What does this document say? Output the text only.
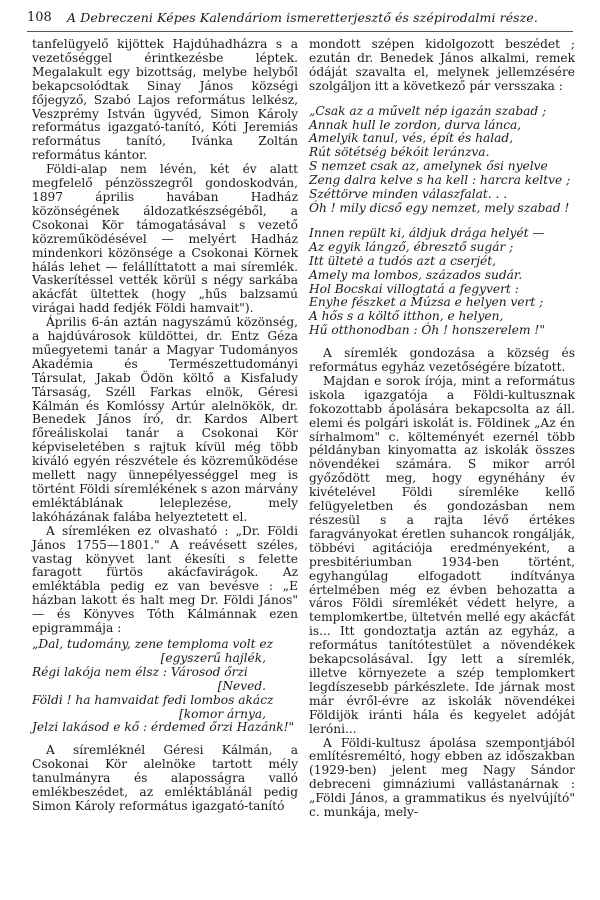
108 A Debreczeni Képes Kalendáriom ismeretterjesztő és szépirodalmi része.

tanfelügyelő kijöttek Hajdúhadházra s a vezetőséggel érintkezésbe léptek. Megalakult egy bizottság, melybe helyből bekapcsolódtak Sinay János községi főjegyző, Szabó Lajos református lelkész, Veszprémy István ügyvéd, Simon Károly református igazgató-tanító, Kóti Jeremiás református tanító, Ivánka Zoltán református kántor.

Földi-alap nem lévén, két év alatt megfelelő pénzösszegről gondoskodván, 1897 április havában Hadház közönségének áldozatkészségéből, a Csokonai Kör támogatásával s vezető közreműködésével — melyért Hadház mindenkori közönsége a Csokonai Körnek hálás lehet — felállíttatott a mai síremlék. Vaskerítéssel vették körül s négy sarkába akácfát ültettek (hogy „hűs balzsamú virágai hadd fedjék Földi hamvait").

Április 6-án aztán nagyszámú közönség, a hajdúvárosok küldöttei, dr. Entz Géza műegyetemi tanár a Magyar Tudományos Akadémia és Természettudományi Társulat, Jakab Ödön költő a Kisfaludy Társaság, Széll Farkas elnök, Géresi Kálmán és Komlóssy Artúr alelnökök, dr. Benedek János író, dr. Kardos Albert főreáliskolai tanár a Csokonai Kör képviseletében s rajtuk kívül még több kiváló egyén részvétele és közreműködése mellett nagy ünnepélyességgel meg is történt Földi síremlékének s azon márvány emléktáblának leleplezése, mely lakóházának falába helyeztetett el.

A síremléken ez olvasható : „Dr. Földi János 1755—1801." A reávésett széles, vastag könyvet lant ékesíti s felette faragott fürtös akácfavirágok. Az emléktábla pedig ez van bevésve : „E házban lakott és halt meg Dr. Földi János" — és Könyves Tóth Kálmánnak ezen epigrammája :

„Dal, tudomány, zene temploma volt ez
[egyszerű hajlék,
Régi lakója nem élsz : Városod őrzi
[Neved.
Földi ! ha hamvaidat fedi lombos akácz
[komor árnya,
Jelzi lakásod e kő : érdemed őrzi Hazánk!"

A síremléknél Géresi Kálmán, a Csokonai Kör alelnöke tartott mély tanulmányra és alaposságra valló emlékbeszédet, az emléktáblánál pedig Simon Károly református igazgató-tanító

mondott szépen kidolgozott beszédet ; ezután dr. Benedek János alkalmi, remek ódáját szavalta el, melynek jellemzésére szolgáljon itt a következő pár versszaka :

„Csak az a művelt nép igazán szabad ;
Annak hull le zordon, durva lánca,
Amelyik tanul, vés, épít és halad,
Rút sötétség békóit leránzva.
S nemzet csak az, amelynek ősi nyelve
Zeng dalra kelve s ha kell : harcra keltve ;
Széttörve minden válaszfalat. . .
Óh ! mily dicső egy nemzet, mely szabad !
Innen repült ki, áldjuk drága helyét —
Az egyik lángző, ébresztő sugár ;
Itt ültetė a tudós azt a cserjét,
Amely ma lombos, százados sudár.
Hol Bocskai villogtatá a fegyvert :
Enyhe fészket a Múzsa e helyen vert ;
A hős s a költő itthon, e helyen,
Hű otthonodban : Óh ! honszerelem !"

A síremlék gondozása a község és református egyház vezetőségére bízatott.

Majdan e sorok írója, mint a református iskola igazgatója a Földi-kultusznak fokozottabb ápolására bekapcsolta az áll. elemi és polgári iskolát is. Földinek „Az én sírhalmom" c. költeményét ezernél több példányban kinyomatta az iskolák összes növendékei számára. S mikor arról győződött meg, hogy egynéhány év kivételével Földi síremléke kellő felügyeletben és gondozásban nem részesül s a rajta lévő értékes faragványokat éretlen suhancok rongálják, többévi agitációja eredményeként, a presbitériumban 1934-ben történt, egyhangúlag elfogadott indítványa értelmében még ez évben behozatta a város Földi síremlékét védett helyre, a templomkertbe, ültetvén mellé egy akácfát is... Itt gondoztatja aztán az egyház, a református tanítótestület a növendékek bekapcsolásával. Így lett a síremlék, illetve környezete a szép templomkert legdíszesebb párkészlete. Ide járnak most már évről-évre az iskolák növendékei Földijök iránti hála és kegyelet adóját leróni...

A Földi-kultusz ápolása szempontjából említésreméltó, hogy ebben az időszakban (1929-ben) jelent meg Nagy Sándor debreceni gimnáziumi vallástanárnak : „Földi János, a grammatikus és nyelvújító" c. munkája, mely-
